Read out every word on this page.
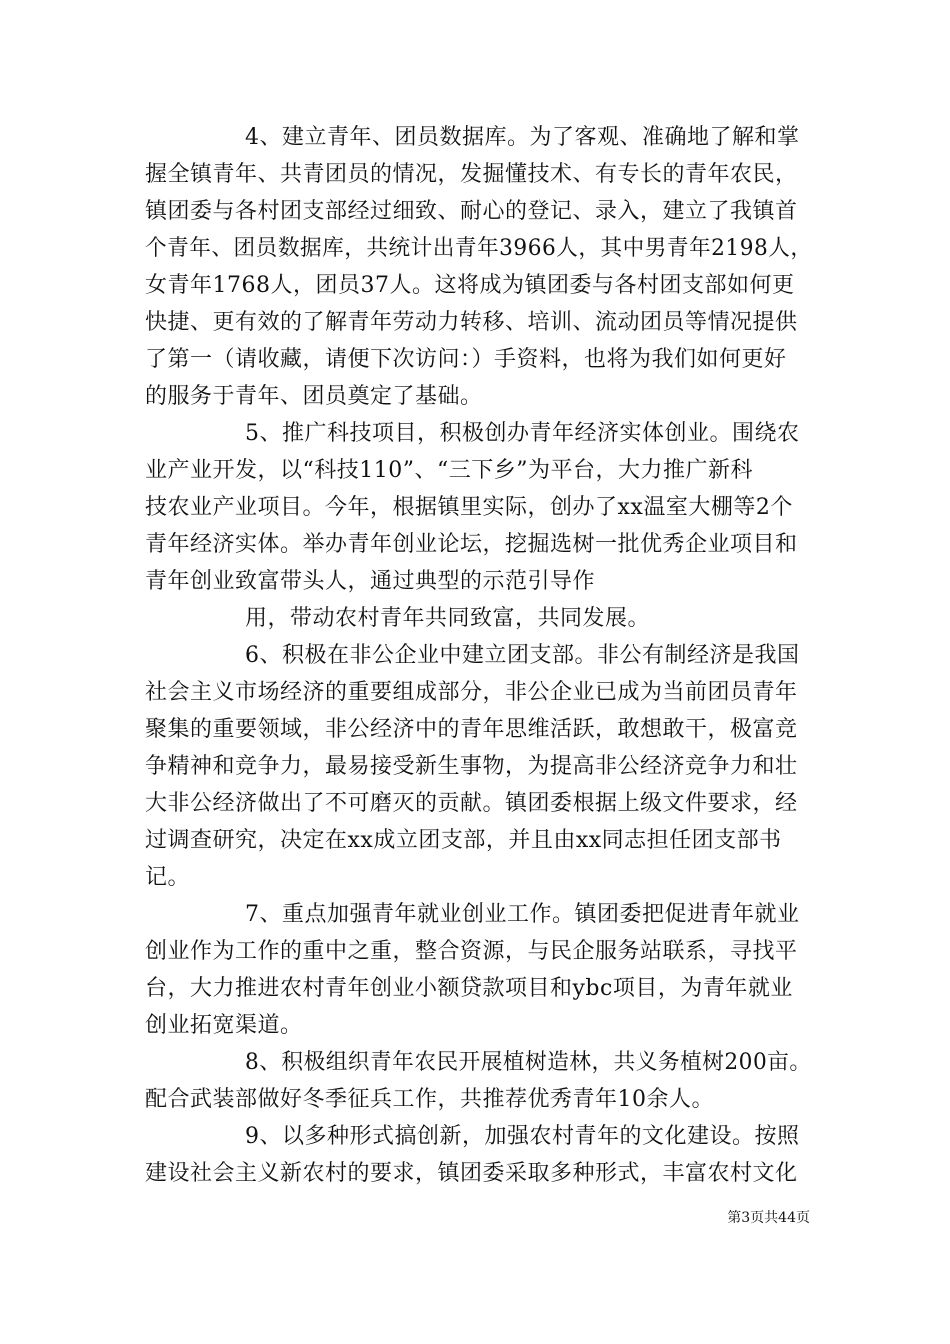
4、建立青年、团员数据库。为了客观、准确地了解和掌
握全镇青年、共青团员的情况，发掘懂技术、有专长的青年农民，
镇团委与各村团支部经过细致、耐心的登记、录入，建立了我镇首
个青年、团员数据库，共统计出青年3966人，其中男青年2198人，
女青年1768人，团员37人。这将成为镇团委与各村团支部如何更
快捷、更有效的了解青年劳动力转移、培训、流动团员等情况提供
了第一（请收藏，请便下次访问：）手资料，也将为我们如何更好
的服务于青年、团员奠定了基础。
5、推广科技项目，积极创办青年经济实体创业。围绕农
业产业开发，以“科技110”、“三下乡”为平台，大力推广新科
技农业产业项目。今年，根据镇里实际，创办了xx温室大棚等2个
青年经济实体。举办青年创业论坛，挖掘选树一批优秀企业项目和
青年创业致富带头人，通过典型的示范引导作
用，带动农村青年共同致富，共同发展。
6、积极在非公企业中建立团支部。非公有制经济是我国
社会主义市场经济的重要组成部分，非公企业已成为当前团员青年
聚集的重要领域，非公经济中的青年思维活跃，敢想敢干，极富竞
争精神和竞争力，最易接受新生事物，为提高非公经济竞争力和壮
大非公经济做出了不可磨灭的贡献。镇团委根据上级文件要求，经
过调查研究，决定在xx成立团支部，并且由xx同志担任团支部书
记。
7、重点加强青年就业创业工作。镇团委把促进青年就业
创业作为工作的重中之重，整合资源，与民企服务站联系，寻找平
台，大力推进农村青年创业小额贷款项目和ybc项目，为青年就业
创业拓宽渠道。
8、积极组织青年农民开展植树造林，共义务植树200亩。
配合武装部做好冬季征兵工作，共推荐优秀青年10余人。
9、以多种形式搞创新，加强农村青年的文化建设。按照
建设社会主义新农村的要求，镇团委采取多种形式，丰富农村文化
第3页共44页
